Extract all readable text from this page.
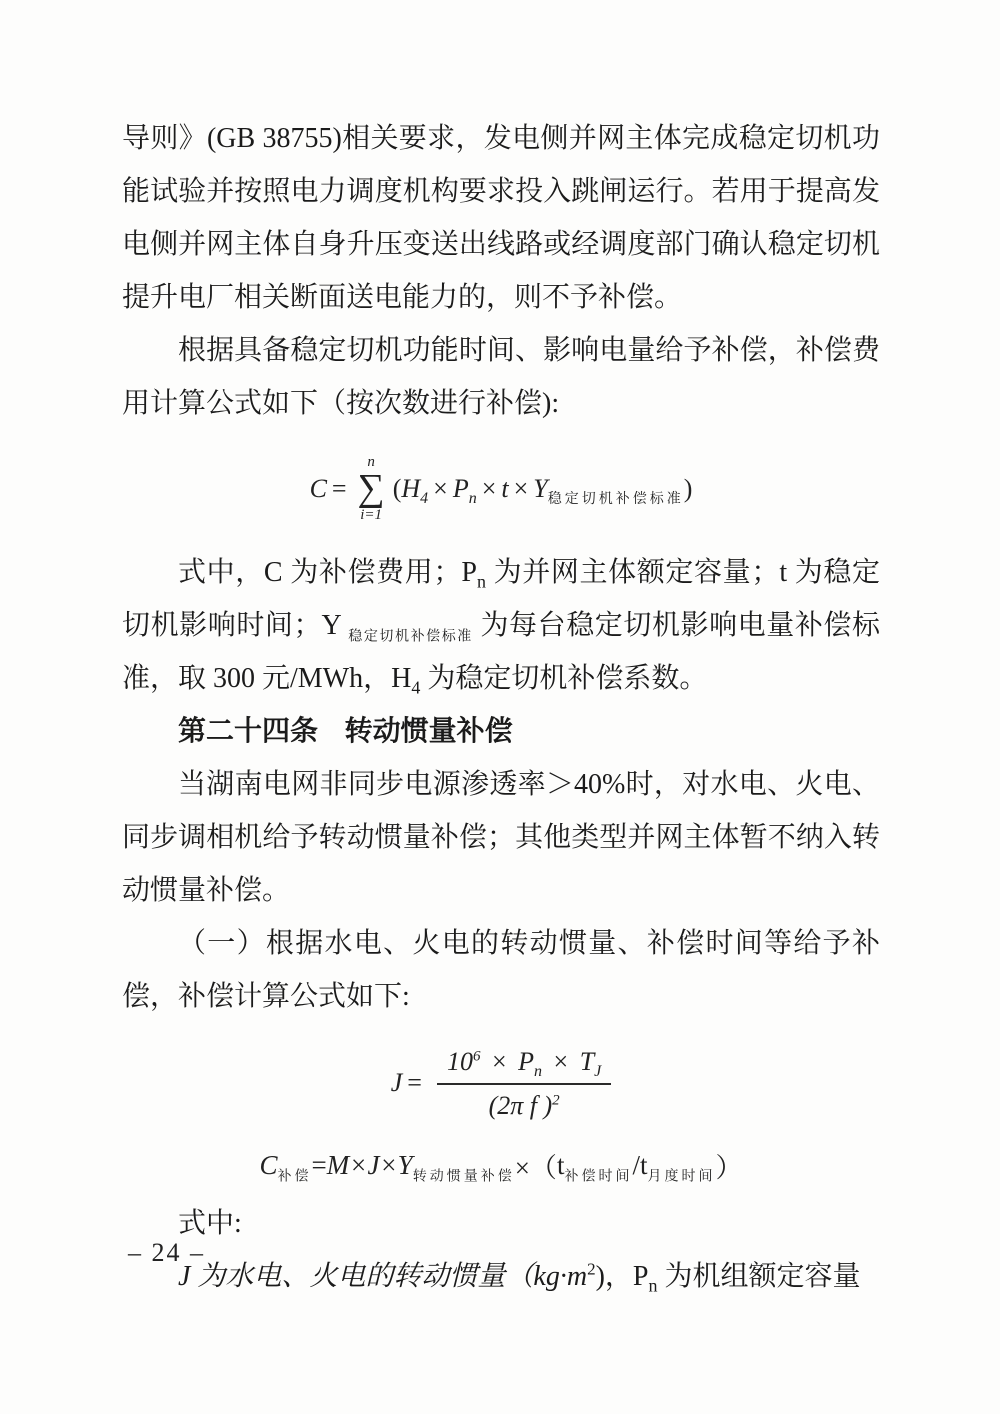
导则》(GB 38755)相关要求，发电侧并网主体完成稳定切机功能试验并按照电力调度机构要求投入跳闸运行。若用于提高发电侧并网主体自身升压变送出线路或经调度部门确认稳定切机提升电厂相关断面送电能力的，则不予补偿。

根据具备稳定切机功能时间、影响电量给予补偿，补偿费用计算公式如下（按次数进行补偿):

C =
n
∑
i=1
( $H_4 \times P_n \times t \times Y_{稳定切机补偿标准}$ )

式中，C 为补偿费用；$P_n$ 为并网主体额定容量；t 为稳定切机影响时间；Y $_{稳定切机补偿标准}$ 为每台稳定切机影响电量补偿标准，取 300 元/MWh，$H_4$ 为稳定切机补偿系数。

第二十四条 转动惯量补偿

当湖南电网非同步电源渗透率＞40%时，对水电、火电、同步调相机给予转动惯量补偿；其他类型并网主体暂不纳入转动惯量补偿。

（一）根据水电、火电的转动惯量、补偿时间等给予补偿，补偿计算公式如下:

$J = \frac{10^6 \times P_n \times T_J}{(2\pi f )^2}$
$C_{补偿} = M\times J\times Y_{转动惯量补偿}$ ×（ $t_{补偿时间} / t_{月度时间}$ ）

式中:

J 为水电、火电的转动惯量$(kg\cdot m^2)$，$P_n$ 为机组额定容量

– 24 –
